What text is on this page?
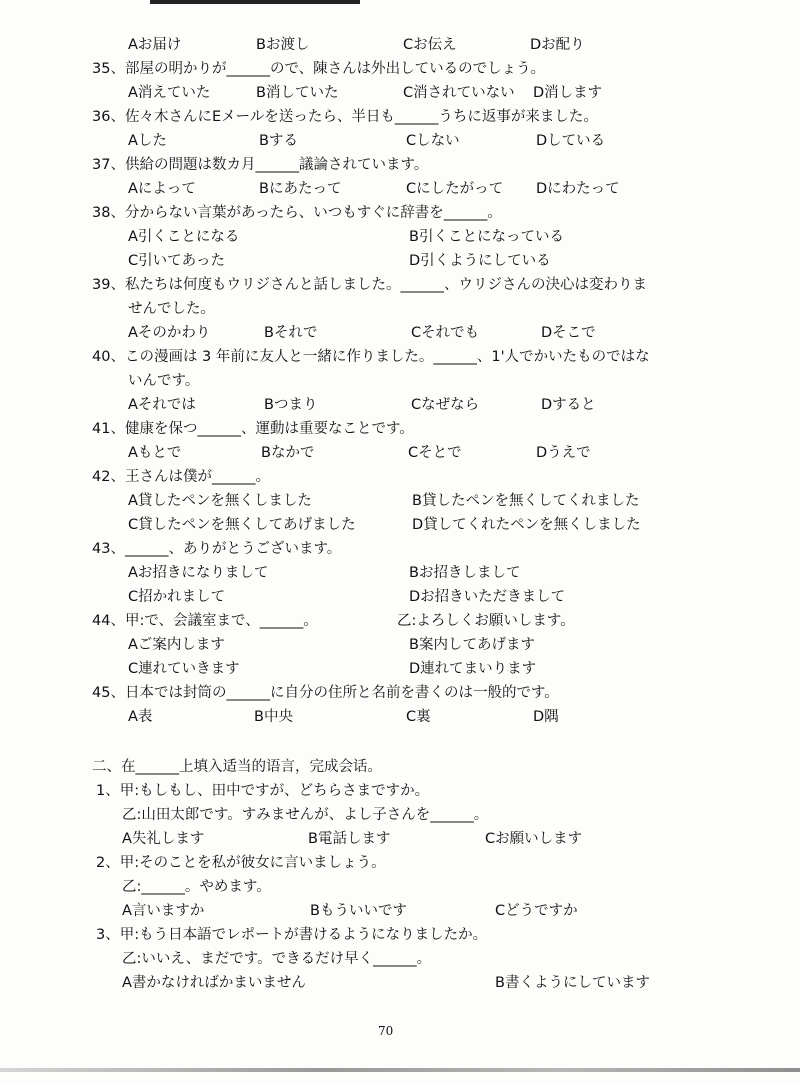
Aお届け	Bお渡し	Cお伝え	Dお配り
35、部屋の明かりが______ので、陳さんは外出しているのでしょう。
A消えていた	B消していた	C消されていない D消します
36、佐々木さんにEメールを送ったら、半日も______うちに返事が来ました。
Aした	Bする	Cしない	Dしている
37、供給の問題は数カ月______議論されています。
Aによって	Bにあたって	Cにしたがって Dにわたって
38、分からない言葉があったら、いつもすぐに辞書を______。
A引くことになる	B引くことになっている
C引いてあった	D引くようにしている
39、私たちは何度もウリジさんと話しました。______、ウリジさんの決心は変わりま
せんでした。
Aそのかわり	Bそれで	Cそれでも	Dそこで
40、この漫画は 3 年前に友人と一緒に作りました。______、1'人でかいたものではな
いんです。
Aそれでは	Bつまり	Cなぜなら	Dすると
41、健康を保つ______、運動は重要なことです。
Aもとで	Bなかで	Cそとで	Dうえで
42、王さんは僕が______。
A貸したペンを無くしました	B貸したペンを無くしてくれました
C貸したペンを無くしてあげました	D貸してくれたペンを無くしました
43、______、ありがとうございます。
Aお招きになりまして	Bお招きしまして
C招かれまして	Dお招きいただきまして
44、甲:で、会議室まで、______。	乙:よろしくお願いします。
Aご案内します	B案内してあげます
C連れていきます	D連れてまいります
45、日本では封筒の______に自分の住所と名前を書くのは一般的です。
A表	B中央	C裏	D隅
二、在______上填入适当的语言，完成会话。
1、甲:もしもし、田中ですが、どちらさまですか。
乙:山田太郎です。すみませんが、よし子さんを______。
A失礼します	B電話します	Cお願いします
2、甲:そのことを私が彼女に言いましょう。
乙:______。やめます。
A言いますか	Bもういいです	Cどうですか
3、甲:もう日本語でレポートが書けるようになりましたか。
乙:いいえ、まだです。できるだけ早く______。
A書かなければかまいません	B書くようにしています
70
